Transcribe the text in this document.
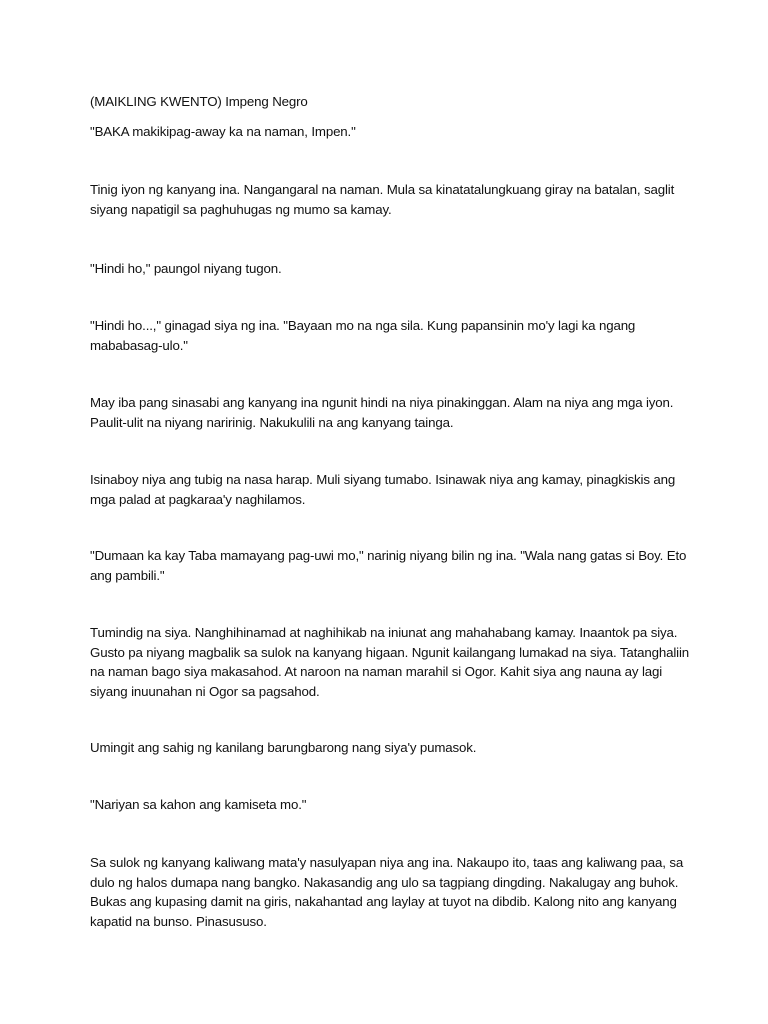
(MAIKLING KWENTO) Impeng Negro

"BAKA makikipag-away ka na naman, Impen."

Tinig iyon ng kanyang ina. Nangangaral na naman. Mula sa kinatatalungkuang giray na batalan, saglit siyang napatigil sa paghuhugas ng mumo sa kamay.

"Hindi ho," paungol niyang tugon.

"Hindi ho...," ginagad siya ng ina. "Bayaan mo na nga sila. Kung papansinin mo'y lagi ka ngang mababasag-ulo."

May iba pang sinasabi ang kanyang ina ngunit hindi na niya pinakinggan. Alam na niya ang mga iyon. Paulit-ulit na niyang naririnig. Nakukulili na ang kanyang tainga.

Isinaboy niya ang tubig na nasa harap. Muli siyang tumabo. Isinawak niya ang kamay, pinagkiskis ang mga palad at pagkaraa'y naghilamos.

"Dumaan ka kay Taba mamayang pag-uwi mo," narinig niyang bilin ng ina. "Wala nang gatas si Boy. Eto ang pambili."

Tumindig na siya. Nanghihinamad at naghihikab na iniunat ang mahahabang kamay. Inaantok pa siya. Gusto pa niyang magbalik sa sulok na kanyang higaan. Ngunit kailangang lumakad na siya. Tatanghaliin na naman bago siya makasahod. At naroon na naman marahil si Ogor. Kahit siya ang nauna ay lagi siyang inuunahan ni Ogor sa pagsahod.

Umingit ang sahig ng kanilang barungbarong nang siya'y pumasok.

"Nariyan sa kahon ang kamiseta mo."

Sa sulok ng kanyang kaliwang mata'y nasulyapan niya ang ina. Nakaupo ito, taas ang kaliwang paa, sa dulo ng halos dumapa nang bangko. Nakasandig ang ulo sa tagpiang dingding. Nakalugay ang buhok. Bukas ang kupasing damit na giris, nakahantad ang laylay at tuyot na dibdib. Kalong nito ang kanyang kapatid na bunso. Pinasususo.
